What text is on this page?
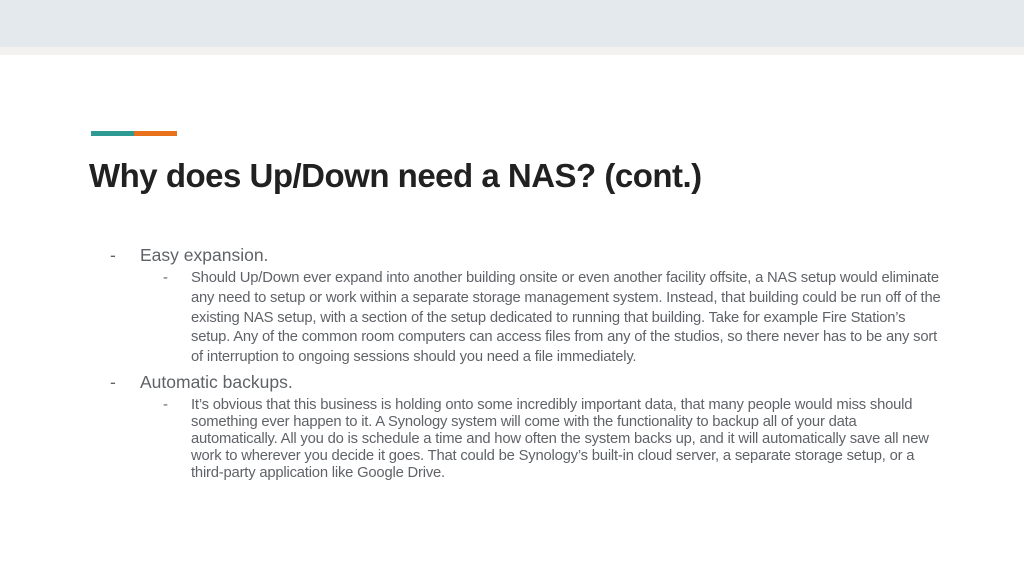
Why does Up/Down need a NAS? (cont.)
-	Easy expansion.
-	Should Up/Down ever expand into another building onsite or even another facility offsite, a NAS setup would eliminate any need to setup or work within a separate storage management system. Instead, that building could be run off of the existing NAS setup, with a section of the setup dedicated to running that building. Take for example Fire Station’s setup. Any of the common room computers can access files from any of the studios, so there never has to be any sort of interruption to ongoing sessions should you need a file immediately.

-	Automatic backups.
-	It’s obvious that this business is holding onto some incredibly important data, that many people would miss should something ever happen to it. A Synology system will come with the functionality to backup all of your data automatically. All you do is schedule a time and how often the system backs up, and it will automatically save all new work to wherever you decide it goes. That could be Synology’s built-in cloud server, a separate storage setup, or a third-party application like Google Drive.
